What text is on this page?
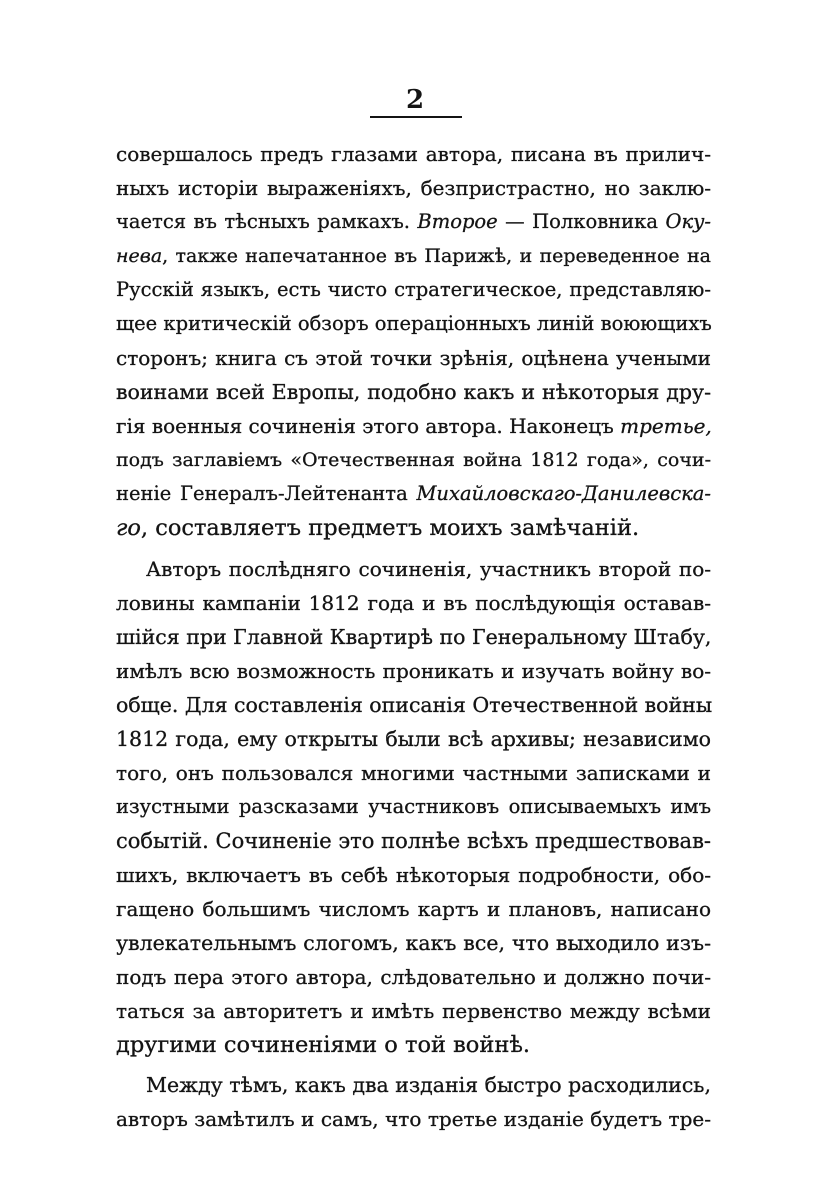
2
совершалось предъ глазами автора, писана въ прилич-
ныхъ исторіи выраженіяхъ, безпристрастно, но заклю-
чается въ тѣсныхъ рамкахъ. Второе — Полковника Оку-
нева, также напечатанное въ Парижѣ, и переведенное на
Русскій языкъ, есть чисто стратегическое, представляю-
щее критическій обзоръ операціонныхъ линій воюющихъ
сторонъ; книга съ этой точки зрѣнія, оцѣнена учеными
воинами всей Европы, подобно какъ и нѣкоторыя дру-
гія военныя сочиненія этого автора. Наконецъ третье,
подъ заглавіемъ «Отечественная война 1812 года», сочи-
неніе Генералъ-Лейтенанта Михайловскаго-Данилевска-
го, составляетъ предметъ моихъ замѣчаній.
Авторъ послѣдняго сочиненія, участникъ второй по-
ловины кампаніи 1812 года и въ послѣдующія оставав-
шійся при Главной Квартирѣ по Генеральному Штабу,
имѣлъ всю возможность проникать и изучать войну во-
обще. Для составленія описанія Отечественной войны
1812 года, ему открыты были всѣ архивы; независимо
того, онъ пользовался многими частными записками и
изустными разсказами участниковъ описываемыхъ имъ
событій. Сочиненіе это полнѣе всѣхъ предшествовав-
шихъ, включаетъ въ себѣ нѣкоторыя подробности, обо-
гащено большимъ числомъ картъ и плановъ, написано
увлекательнымъ слогомъ, какъ все, что выходило изъ-
подъ пера этого автора, слѣдовательно и должно почи-
таться за авторитетъ и имѣть первенство между всѣми
другими сочиненіями о той войнѣ.
Между тѣмъ, какъ два изданія быстро расходились,
авторъ замѣтилъ и самъ, что третье изданіе будетъ тре-
